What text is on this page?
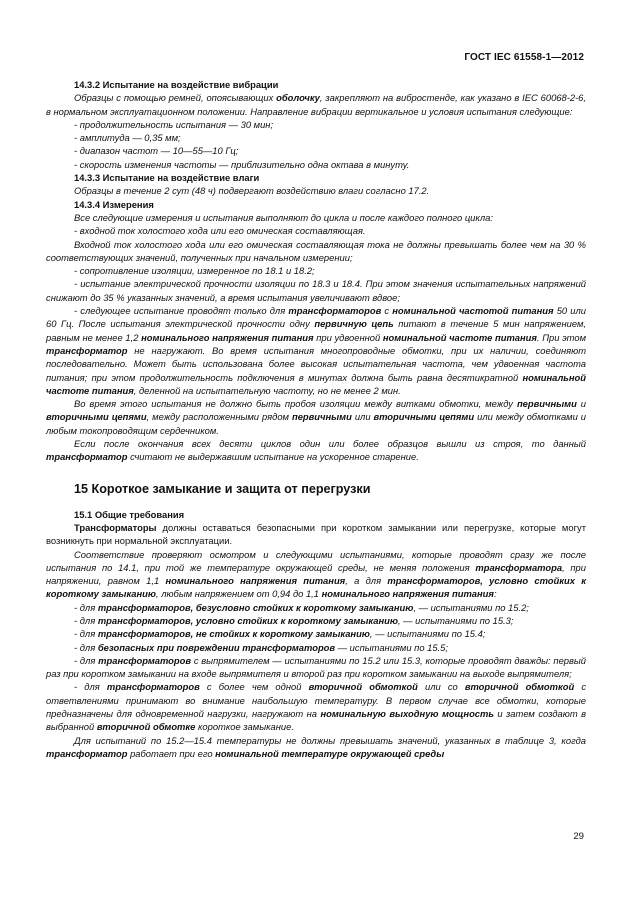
ГОСТ IEC 61558-1—2012

14.3.2 Испытание на воздействие вибрации

Образцы с помощью ремней, опоясывающих оболочку, закрепляют на вибростенде, как указано в IEC 60068-2-6, в нормальном эксплуатационном положении. Направление вибрации вертикальное и условия испытания следующие:

- продолжительность испытания — 30 мин;

- амплитуда — 0,35 мм;

- диапазон частот — 10—55—10 Гц;

- скорость изменения частоты — приблизительно одна октава в минуту.

14.3.3 Испытание на воздействие влаги

Образцы в течение 2 сут (48 ч) подвергают воздействию влаги согласно 17.2.

14.3.4 Измерения

Все следующие измерения и испытания выполняют до цикла и после каждого полного цикла:

- входной ток холостого хода или его омическая составляющая.

Входной ток холостого хода или его омическая составляющая тока не должны превышать более чем на 30 % соответствующих значений, полученных при начальном измерении;

- сопротивление изоляции, измеренное по 18.1 и 18.2;

- испытание электрической прочности изоляции по 18.3 и 18.4. При этом значения испытательных напряжений снижают до 35 % указанных значений, а время испытания увеличивают вдвое;

- следующее испытание проводят только для трансформаторов с номинальной частотой питания 50 или 60 Гц. После испытания электрической прочности одну первичную цепь питают в течение 5 мин напряжением, равным не менее 1,2 номинального напряжения питания при удвоенной номинальной частоте питания. При этом трансформатор не нагружают. Во время испытания многопроводные обмотки, при их наличии, соединяют последовательно. Может быть использована более высокая испытательная частота, чем удвоенная частота питания; при этом продолжительность подключения в минутах должна быть равна десятикратной номинальной частоте питания, деленной на испытательную частоту, но не менее 2 мин.

Во время этого испытания не должно быть пробоя изоляции между витками обмотки, между первичными и вторичными цепями, между расположенными рядом первичными или вторичными цепями или между обмотками и любым токопроводящим сердечником.

Если после окончания всех десяти циклов один или более образцов вышли из строя, то данный трансформатор считают не выдержавшим испытание на ускоренное старение.

15 Короткое замыкание и защита от перегрузки

15.1 Общие требования

Трансформаторы должны оставаться безопасными при коротком замыкании или перегрузке, которые могут возникнуть при нормальной эксплуатации.

Соответствие проверяют осмотром и следующими испытаниями, которые проводят сразу же после испытания по 14.1, при той же температуре окружающей среды, не меняя положения трансформатора, при напряжении, равном 1,1 номинального напряжения питания, а для трансформаторов, условно стойких к короткому замыканию, любым напряжением от 0,94 до 1,1 номинального напряжения питания:

- для трансформаторов, безусловно стойких к короткому замыканию, — испытаниями по 15.2;

- для трансформаторов, условно стойких к короткому замыканию, — испытаниями по 15.3;

- для трансформаторов, не стойких к короткому замыканию, — испытаниями по 15.4;

- для безопасных при повреждении трансформаторов — испытаниями по 15.5;

- для трансформаторов с выпрямителем — испытаниями по 15.2 или 15.3, которые проводят дважды: первый раз при коротком замыкании на входе выпрямителя и второй раз при коротком замыкании на выходе выпрямителя;

- для трансформаторов с более чем одной вторичной обмоткой или со вторичной обмоткой с ответвлениями принимают во внимание наибольшую температуру. В первом случае все обмотки, которые предназначены для одновременной нагрузки, нагружают на номинальную выходную мощность и затем создают в выбранной вторичной обмотке короткое замыкание.

Для испытаний по 15.2—15.4 температуры не должны превышать значений, указанных в таблице 3, когда трансформатор работает при его номинальной температуре окружающей среды

29
